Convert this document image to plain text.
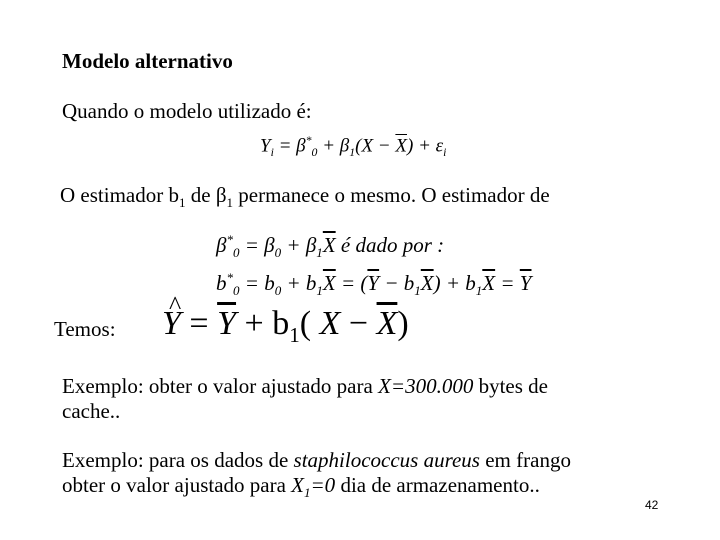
Modelo alternativo
Quando o modelo utilizado é:
$Y_i = \beta^*_0 + \beta_1(X - \overline{X}) + \varepsilon_i$
O estimador $b_1$ de $\beta_1$ permanece o mesmo. O estimador de
$\beta^*_0 = \beta_0 + \beta_1\overline{X}$ é dado por :
$b^*_0 = b_0 + b_1\overline{X} = (\overline{Y} - b_1\overline{X}) + b_1\overline{X} = \overline{Y}$
Temos: ^ $Y = \overline{Y} + b_1$( $X - \overline{X}$)
Exemplo: obter o valor ajustado para X=300.000 bytes de
cache..
Exemplo: para os dados de staphilococcus aureus em frango
obter o valor ajustado para $X_1=0$ dia de armazenamento..
42
